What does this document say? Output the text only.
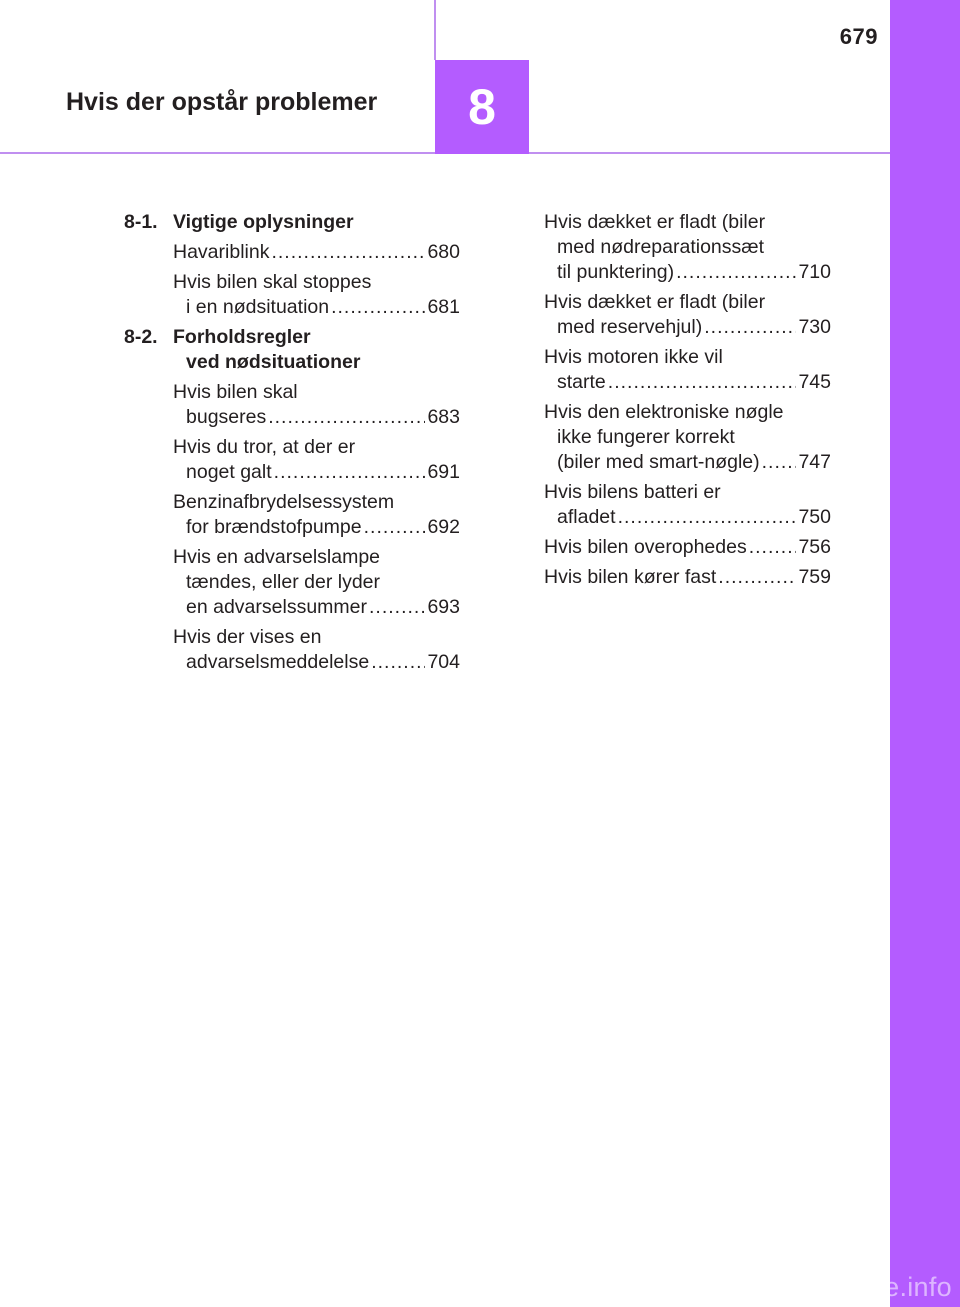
679
Hvis der opstår problemer 8
8-1. Vigtige oplysninger
Havariblink .....	680
Hvis bilen skal stoppes
i en nødsituation .....	681
8-2. Forholdsregler
ved nødsituationer
Hvis bilen skal
bugseres .....	683
Hvis du tror, at der er
noget galt .....	691
Benzinafbrydelsessystem
for brændstofpumpe .....	692
Hvis en advarselslampe
tændes, eller der lyder
en advarselssummer .....	693
Hvis der vises en
advarselsmeddelelse .....	704
Hvis dækket er fladt (biler
med nødreparationssæt
til punktering) .....	710
Hvis dækket er fladt (biler
med reservehjul) .....	730
Hvis motoren ikke vil
starte .....	745
Hvis den elektroniske nøgle
ikke fungerer korrekt
(biler med smart-nøgle) ..... 747
Hvis bilens batteri er
afladet .....	750
Hvis bilen overophedes .....	756
Hvis bilen kører fast .....	759
carmanualsonline.info
